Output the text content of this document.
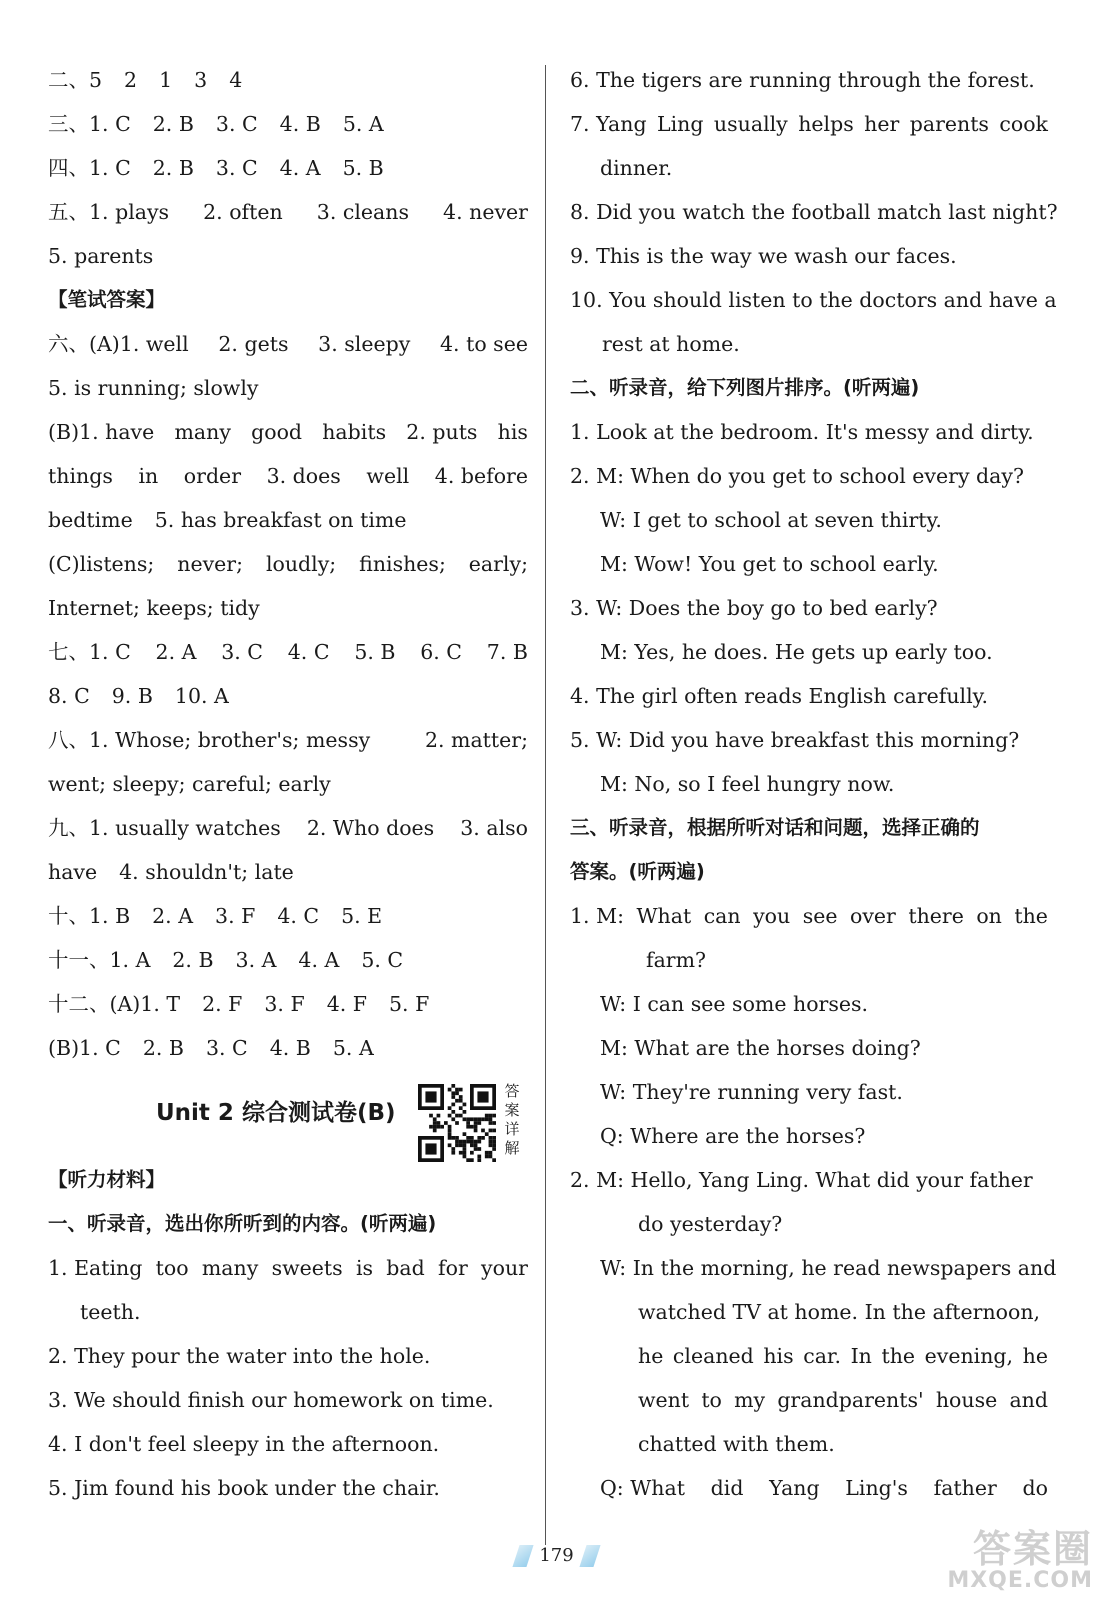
二、5 2 1 3 4
三、1. C 2. B 3. C 4. B 5. A
四、1. C 2. B 3. C 4. A 5. B
五、1. plays 2. often 3. cleans 4. never
5. parents
【笔试答案】
六、(A)1. well 2. gets 3. sleepy 4. to see
5. is running; slowly
(B)1. have many good habits 2. puts his
things in order 3. does well 4. before
bedtime 5. has breakfast on time
(C)listens; never; loudly; finishes; early;
Internet; keeps; tidy
七、1. C 2. A 3. C 4. C 5. B 6. C 7. B
8. C 9. B 10. A
八、1. Whose; brother's; messy	2. matter;
went; sleepy; careful; early
九、1. usually watches 2. Who does 3. also
have 4. shouldn't; late
十、1. B 2. A 3. F 4. C 5. E
十一、1. A 2. B 3. A 4. A 5. C
十二、(A)1. T 2. F 3. F 4. F 5. F
(B)1. C 2. B 3. C 4. B 5. A
Unit 2 综合测试卷(B)
答案详解
【听力材料】
一、听录音，选出你所听到的内容。(听两遍)
1. Eating too many sweets is bad for your
teeth.
2. They pour the water into the hole.
3. We should finish our homework on time.
4. I don't feel sleepy in the afternoon.
5. Jim found his book under the chair.
6. The tigers are running through the forest.
7. Yang Ling usually helps her parents cook
dinner.
8. Did you watch the football match last night?
9. This is the way we wash our faces.
10. You should listen to the doctors and have a
rest at home.
二、听录音，给下列图片排序。(听两遍)
1. Look at the bedroom. It's messy and dirty.
2. M: When do you get to school every day?
W: I get to school at seven thirty.
M: Wow! You get to school early.
3. W: Does the boy go to bed early?
M: Yes, he does. He gets up early too.
4. The girl often reads English carefully.
5. W: Did you have breakfast this morning?
M: No, so I feel hungry now.
三、听录音，根据所听对话和问题，选择正确的
答案。(听两遍)
1. M: What can you see over there on the
farm?
W: I can see some horses.
M: What are the horses doing?
W: They're running very fast.
Q: Where are the horses?
2. M: Hello, Yang Ling. What did your father
do yesterday?
W: In the morning, he read newspapers and
watched TV at home. In the afternoon,
he cleaned his car. In the evening, he
went to my grandparents' house and
chatted with them.
Q: What did Yang Ling's father do
179	答案圈
MXQE.COM
